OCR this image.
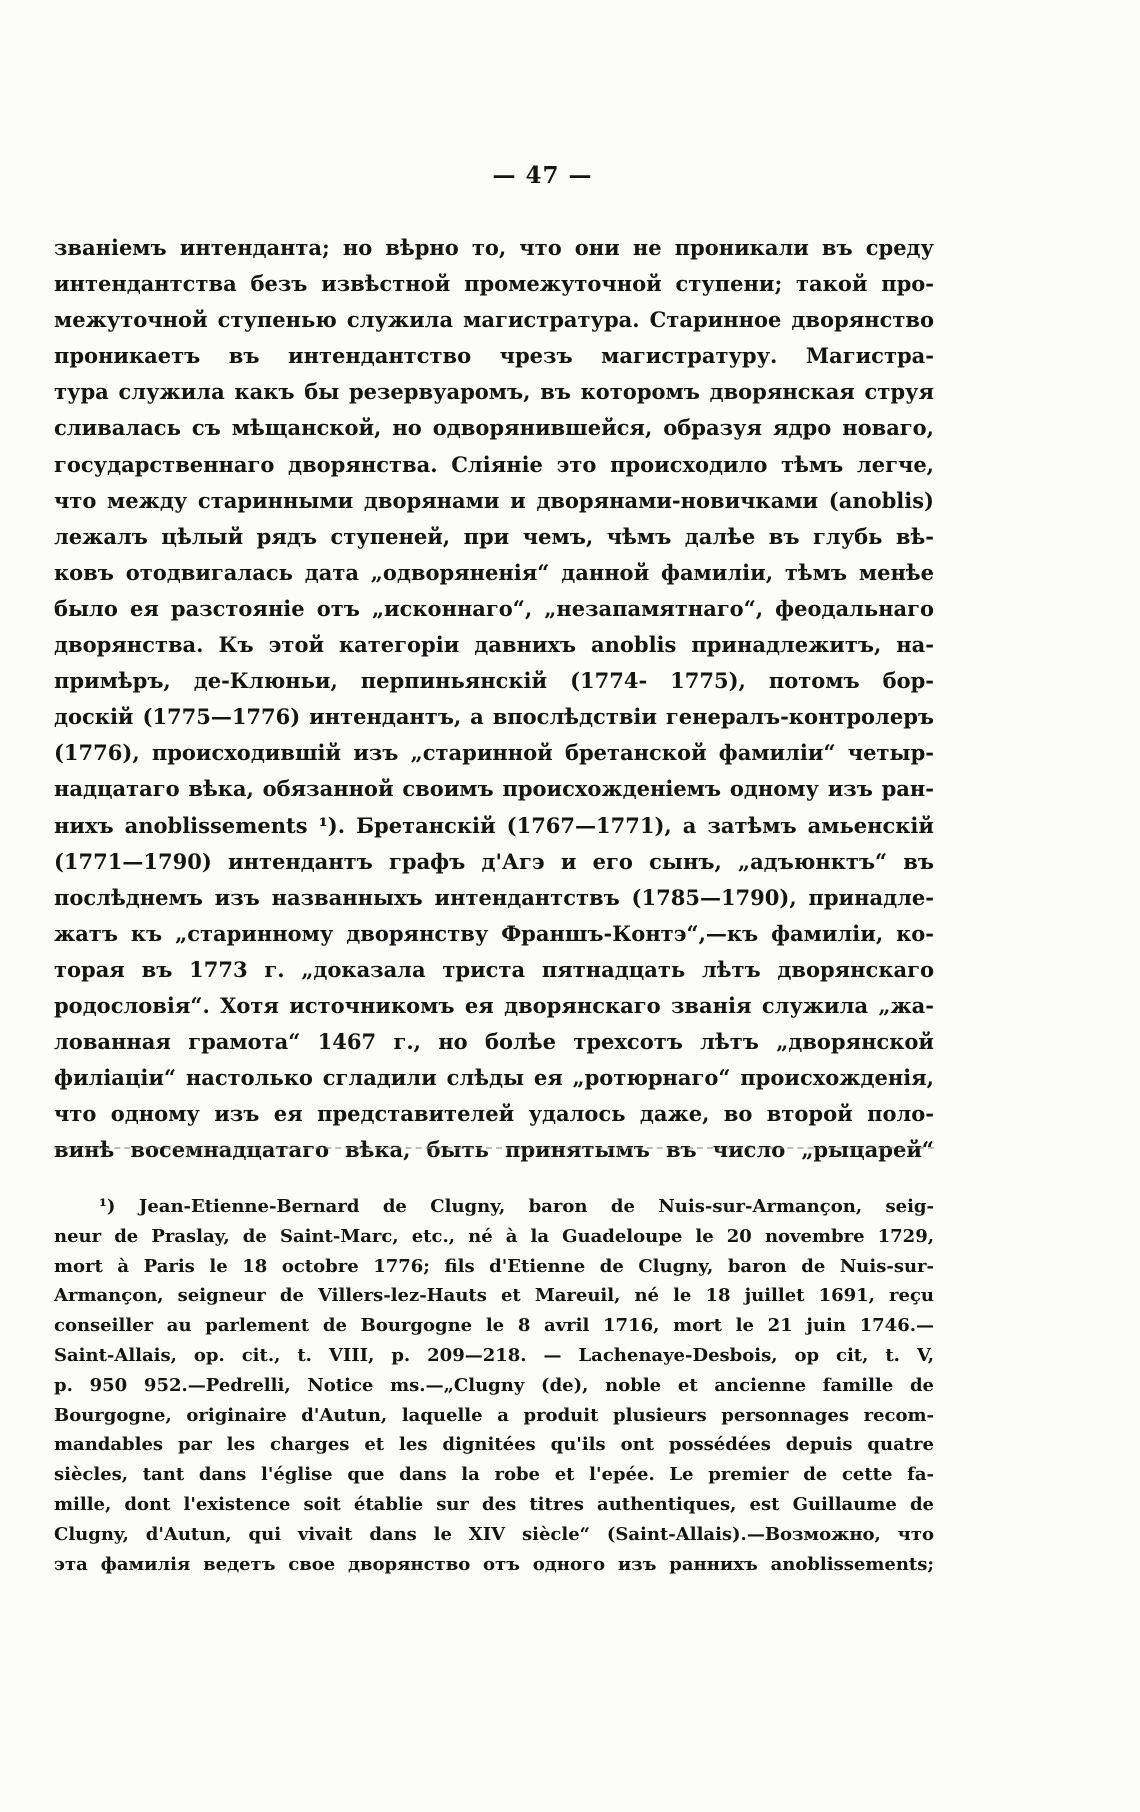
— 47 —
званіемъ интенданта; но вѣрно то, что они не проникали въ среду
интендантства безъ извѣстной промежуточной ступени; такой про-
межуточной ступенью служила магистратура. Старинное дворянство
проникаетъ въ интендантство чрезъ магистратуру. Магистра-
тура служила какъ бы резервуаромъ, въ которомъ дворянская струя
сливалась съ мѣщанской, но одворянившейся, образуя ядро новаго,
государственнаго дворянства. Сліяніе это происходило тѣмъ легче,
что между старинными дворянами и дворянами-новичками (anoblis)
лежалъ цѣлый рядъ ступеней, при чемъ, чѣмъ далѣе въ глубь вѣ-
ковъ отодвигалась дата „одворяненія“ данной фамиліи, тѣмъ менѣе
было ея разстояніе отъ „исконнаго“, „незапамятнаго“, феодальнаго
дворянства. Къ этой категоріи давнихъ anoblis принадлежитъ, на-
примѣръ, де-Клюньи, перпиньянскій (1774- 1775), потомъ бор-
доскій (1775—1776) интендантъ, а впослѣдствіи генералъ-контролеръ
(1776), происходившій изъ „старинной бретанской фамиліи“ четыр-
надцатаго вѣка, обязанной своимъ происхожденіемъ одному изъ ран-
нихъ anoblissements ¹). Бретанскій (1767—1771), а затѣмъ амьенскій
(1771—1790) интендантъ графъ д'Агэ и его сынъ, „адъюнктъ“ въ
послѣднемъ изъ названныхъ интендантствъ (1785—1790), принадле-
жатъ къ „старинному дворянству Франшъ-Контэ“,—къ фамиліи, ко-
торая въ 1773 г. „доказала триста пятнадцать лѣтъ дворянскаго
родословія“. Хотя источникомъ ея дворянскаго званія служила „жа-
лованная грамота“ 1467 г., но болѣе трехсотъ лѣтъ „дворянской
филіаціи“ настолько сгладили слѣды ея „ротюрнаго“ происхожденія,
что одному изъ ея представителей удалось даже, во второй поло-
винѣ восемнадцатаго вѣка, быть принятымъ въ число „рыцарей“
¹) Jean-Etienne-Bernard de Clugny, baron de Nuis-sur-Armançon, seig-
neur de Praslay, de Saint-Marc, etc., né à la Guadeloupe le 20 novembre 1729,
mort à Paris le 18 octobre 1776; fils d'Etienne de Clugny, baron de Nuis-sur-
Armançon, seigneur de Villers-lez-Hauts et Mareuil, né le 18 juillet 1691, reçu
conseiller au parlement de Bourgogne le 8 avril 1716, mort le 21 juin 1746.—
Saint-Allais, op. cit., t. VIII, p. 209—218. — Lachenaye-Desbois, op cit, t. V,
p. 950 952.—Pedrelli, Notice ms.—„Clugny (de), noble et ancienne famille de
Bourgogne, originaire d'Autun, laquelle a produit plusieurs personnages recom-
mandables par les charges et les dignitées qu'ils ont possédées depuis quatre
siècles, tant dans l'église que dans la robe et l'epée. Le premier de cette fa-
mille, dont l'existence soit établie sur des titres authentiques, est Guillaume de
Clugny, d'Autun, qui vivait dans le XIV siècle“ (Saint-Allais).—Возможно, что
эта фамилія ведетъ свое дворянство отъ одного изъ раннихъ anoblissements;
